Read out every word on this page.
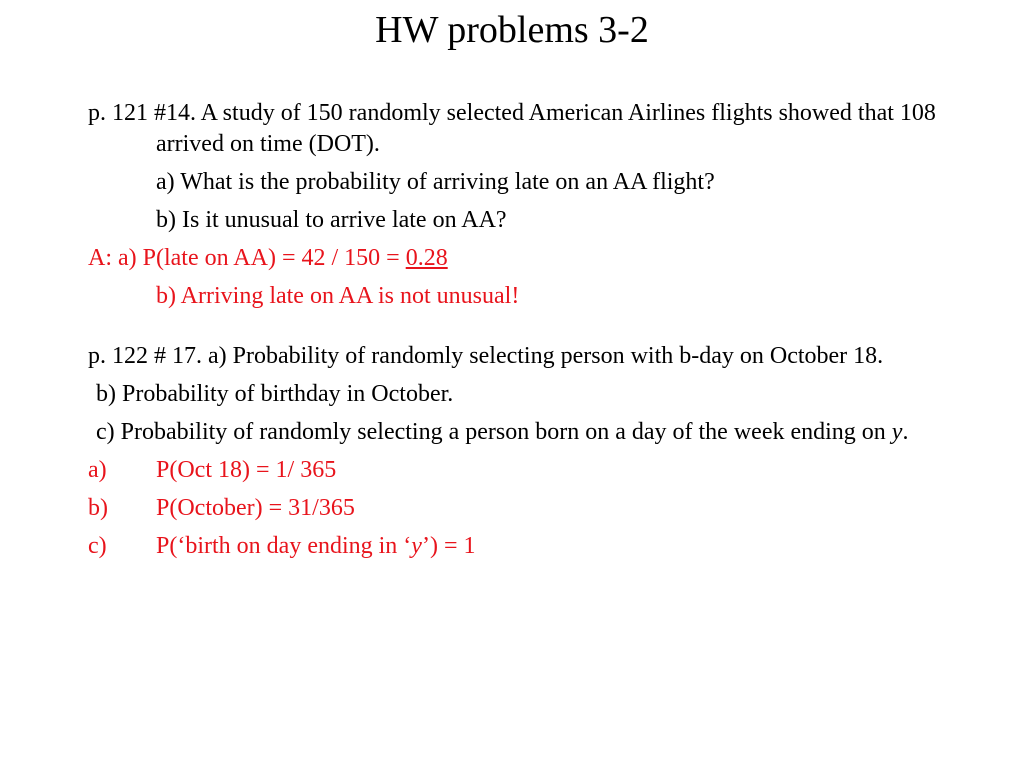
HW problems 3-2

p. 121 #14. A study of 150 randomly selected American Airlines flights showed that 108 arrived on time (DOT).

a) What is the probability of arriving late on an AA flight?

b) Is it unusual to arrive late on AA?

A: a) P(late on AA) = 42 / 150 = 0.28

b) Arriving late on AA is not unusual!

p. 122 # 17. a) Probability of randomly selecting person with b-day on October 18.

b) Probability of birthday in October.

c) Probability of randomly selecting a person born on a day of the week ending on y.

a)	P(Oct 18) = 1/ 365
b)	P(October) = 31/365
c)	P(‘birth on day ending in ‘y’) = 1
